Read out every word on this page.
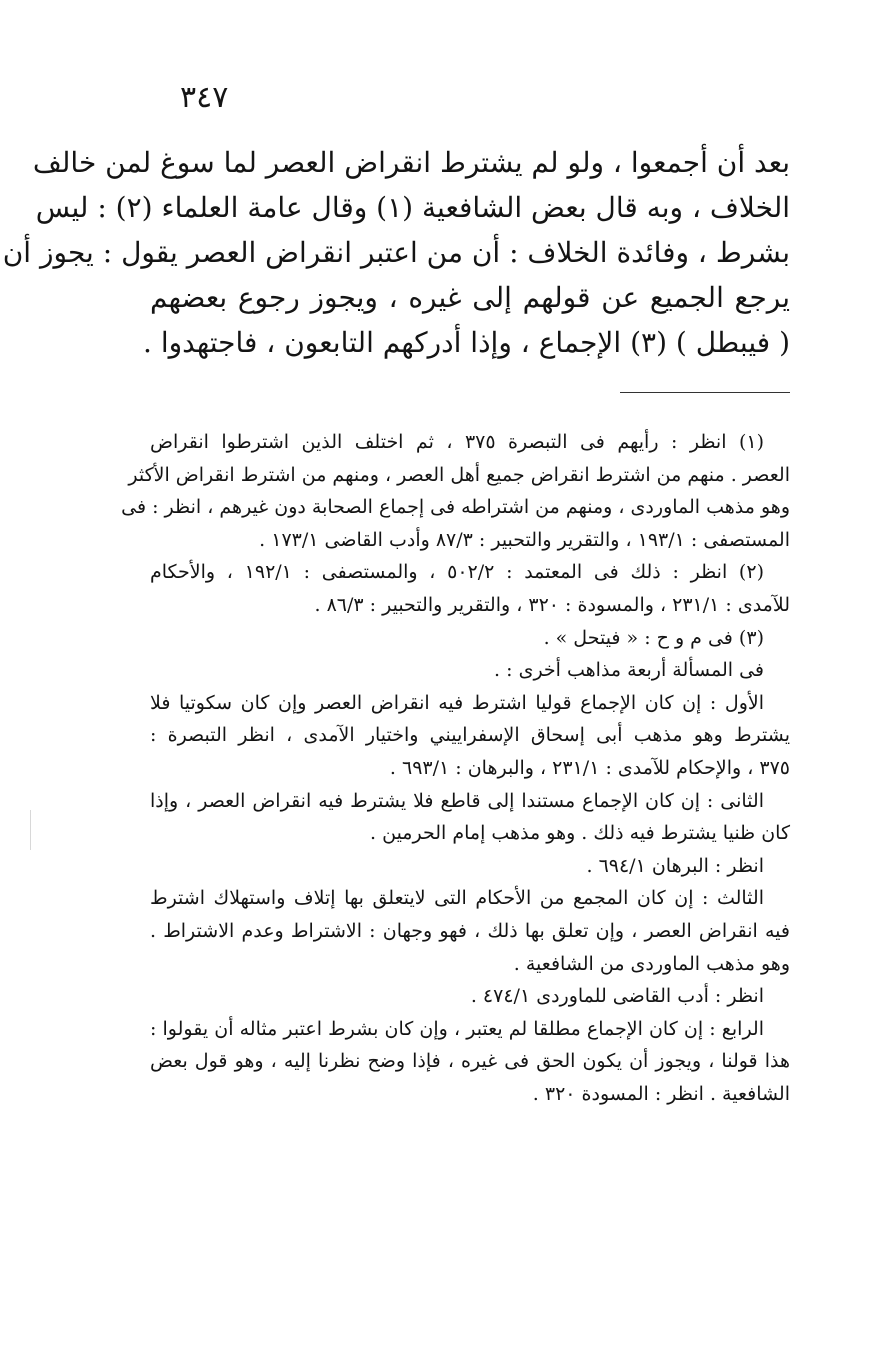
٣٤٧
بعد أن أجمعوا ، ولو لم يشترط انقراض العصر لما سوغ لمن خالف
الخلاف ، وبه قال بعض الشافعية (١) وقال عامة العلماء (٢) : ليس
بشرط ، وفائدة الخلاف : أن من اعتبر انقراض العصر يقول : يجوز أن
يرجع الجميع عن قولهم إلى غيره ، ويجوز رجوع بعضهم
( فيبطل ) (٣) الإجماع ، وإذا أدركهم التابعون ، فاجتهدوا .
(١) انظر : رأيهم فى التبصرة ٣٧٥ ، ثم اختلف الذين اشترطوا انقراض
العصر . منهم من اشترط انقراض جميع أهل العصر ، ومنهم من اشترط انقراض الأكثر
وهو مذهب الماوردى ، ومنهم من اشتراطه فى إجماع الصحابة دون غيرهم ، انظر : فى
المستصفى : ١٩٣/١ ، والتقرير والتحبير : ٨٧/٣ وأدب القاضى ١٧٣/١ .
(٢) انظر : ذلك فى المعتمد : ٥٠٢/٢ ، والمستصفى : ١٩٢/١ ، والأحكام
للآمدى : ٢٣١/١ ، والمسودة : ٣٢٠ ، والتقرير والتحبير : ٨٦/٣ .
(٣) فى م و ح : « فيتحل » .
فى المسألة أربعة مذاهب أخرى : .
الأول : إن كان الإجماع قوليا اشترط فيه انقراض العصر وإن كان سكوتيا فلا
يشترط وهو مذهب أبى إسحاق الإسفراييني واختيار الآمدى ، انظر التبصرة :
٣٧٥ ، والإحكام للآمدى : ٢٣١/١ ، والبرهان : ٦٩٣/١ .
الثانى : إن كان الإجماع مستندا إلى قاطع فلا يشترط فيه انقراض العصر ، وإذا
كان ظنيا يشترط فيه ذلك . وهو مذهب إمام الحرمين .
انظر : البرهان ٦٩٤/١ .
الثالث : إن كان المجمع من الأحكام التى لايتعلق بها إتلاف واستهلاك اشترط
فيه انقراض العصر ، وإن تعلق بها ذلك ، فهو وجهان : الاشتراط وعدم الاشتراط .
وهو مذهب الماوردى من الشافعية .
انظر : أدب القاضى للماوردى ٤٧٤/١ .
الرابع : إن كان الإجماع مطلقا لم يعتبر ، وإن كان بشرط اعتبر مثاله أن يقولوا :
هذا قولنا ، ويجوز أن يكون الحق فى غيره ، فإذا وضح نظرنا إليه ، وهو قول بعض
الشافعية . انظر : المسودة ٣٢٠ .
